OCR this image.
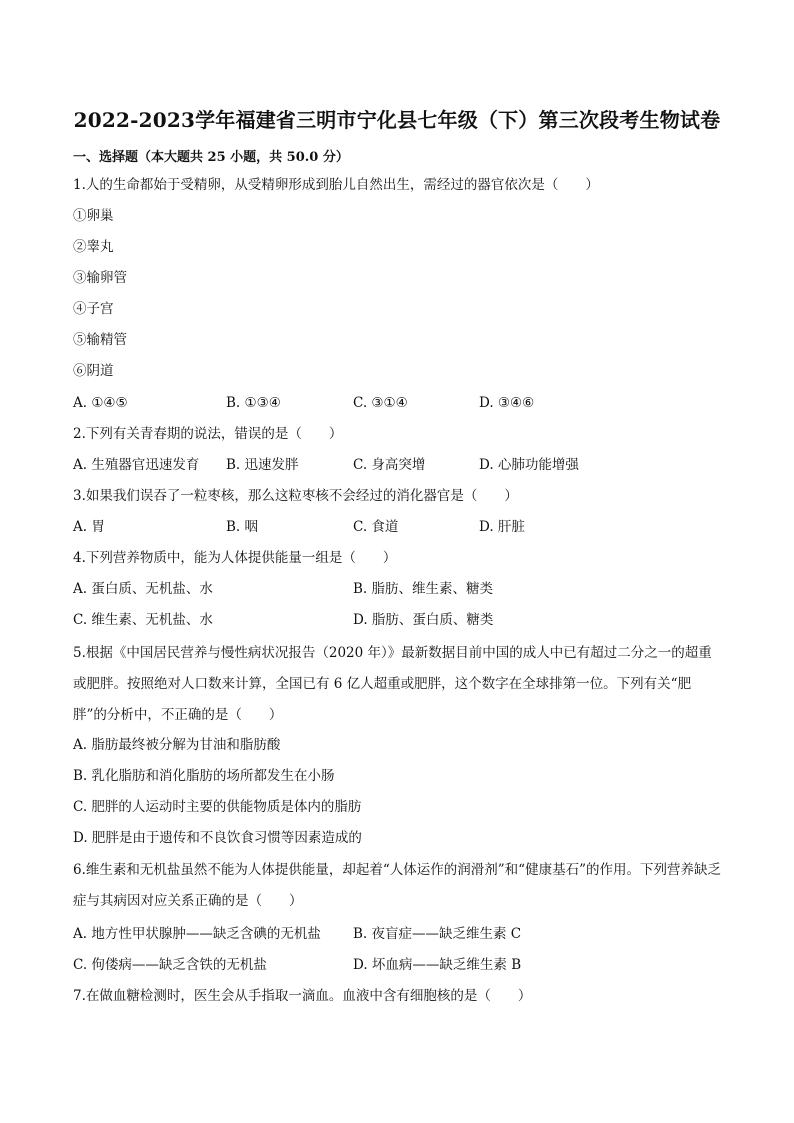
2022-2023学年福建省三明市宁化县七年级（下）第三次段考生物试卷
一、选择题（本大题共 25 小题，共 50.0 分）
1.人的生命都始于受精卵，从受精卵形成到胎儿自然出生，需经过的器官依次是（　　）
①卵巢
②睾丸
③输卵管
④子宫
⑤输精管
⑥阴道
A. ①④⑤	B. ①③④	C. ③①④	D. ③④⑥
2.下列有关青春期的说法，错误的是（　　）
A. 生殖器官迅速发育 B. 迅速发胖	C. 身高突增	D. 心肺功能增强
3.如果我们误吞了一粒枣核，那么这粒枣核不会经过的消化器官是（　　）
A. 胃	B. 咽	C. 食道	D. 肝脏
4.下列营养物质中，能为人体提供能量一组是（　　）
A. 蛋白质、无机盐、水	B. 脂肪、维生素、糖类
C. 维生素、无机盐、水	D. 脂肪、蛋白质、糖类
5.根据《中国居民营养与慢性病状况报告（2020 年）》最新数据目前中国的成人中已有超过二分之一的超重或肥胖。按照绝对人口数来计算，全国已有 6 亿人超重或肥胖，这个数字在全球排第一位。下列有关“肥胖”的分析中，不正确的是（　　）
A. 脂肪最终被分解为甘油和脂肪酸
B. 乳化脂肪和消化脂肪的场所都发生在小肠
C. 肥胖的人运动时主要的供能物质是体内的脂肪
D. 肥胖是由于遗传和不良饮食习惯等因素造成的
6.维生素和无机盐虽然不能为人体提供能量，却起着“人体运作的润滑剂”和“健康基石”的作用。下列营养缺乏症与其病因对应关系正确的是（　　）
A. 地方性甲状腺肿——缺乏含碘的无机盐 B. 夜盲症——缺乏维生素 C
C. 佝偻病——缺乏含铁的无机盐	D. 坏血病——缺乏维生素 B
7.在做血糖检测时，医生会从手指取一滴血。血液中含有细胞核的是（　　）
